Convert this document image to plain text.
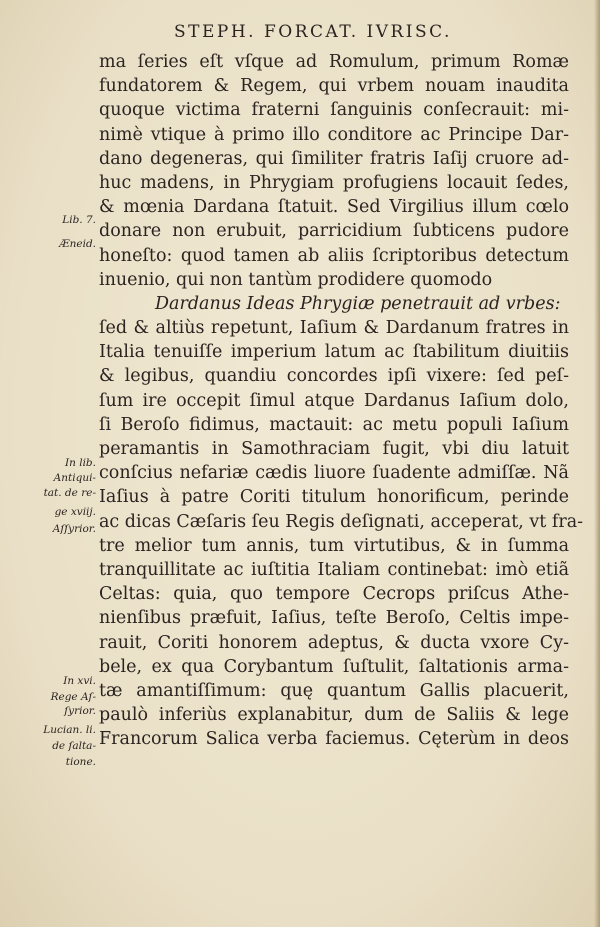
STEPH. FORCAT. IVRISC.
ma ſeries eſt vſque ad Romulum, primum Romæ
fundatorem & Regem, qui vrbem nouam inaudita
quoque victima fraterni ſanguinis conſecrauit: mi-
nimè vtique à primo illo conditore ac Principe Dar-
dano degeneras, qui ſimiliter fratris Iaſij cruore ad-
huc madens, in Phrygiam profugiens locauit ſedes,
& mœnia Dardana ſtatuit. Sed Virgilius illum cœlo
donare non erubuit, parricidium ſubticens pudore
honeſto: quod tamen ab aliis ſcriptoribus detectum
inuenio, qui non tantùm prodidere quomodo
Dardanus Ideas Phrygiæ penetrauit ad vrbes:
ſed & altiùs repetunt, Iaſium & Dardanum fratres in
Italia tenuiſſe imperium latum ac ſtabilitum diuitiis
& legibus, quandiu concordes ipſi vixere: ſed peſ-
ſum ire occepit ſimul atque Dardanus Iaſium dolo,
ſi Beroſo fidimus, mactauit: ac metu populi Iaſium
peramantis in Samothraciam fugit, vbi diu latuit
conſcius nefariæ cædis liuore ſuadente admiſſæ. Nã
Iaſius à patre Coriti titulum honorificum, perinde
ac dicas Cæſaris ſeu Regis deſignati, acceperat, vt fra-
tre melior tum annis, tum virtutibus, & in ſumma
tranquillitate ac iuſtitia Italiam continebat: imò etiã
Celtas: quia, quo tempore Cecrops priſcus Athe-
nienſibus præfuit, Iaſius, teſte Beroſo, Celtis impe-
rauit, Coriti honorem adeptus, & ducta vxore Cy-
bele, ex qua Corybantum ſuſtulit, ſaltationis arma-
tæ amantiſſimum: quę quantum Gallis placuerit,
paulò inferiùs explanabitur, dum de Saliis & lege
Francorum Salica verba faciemus. Cęterùm in deos
Lib. 7.
Æneid.
In lib.
Antiqui-
tat. de re-
ge xviij.
Aſſyrior.
In xvi.
Rege Aſ-
ſyrior.
Lucian. li.
de ſalta-
tione.
